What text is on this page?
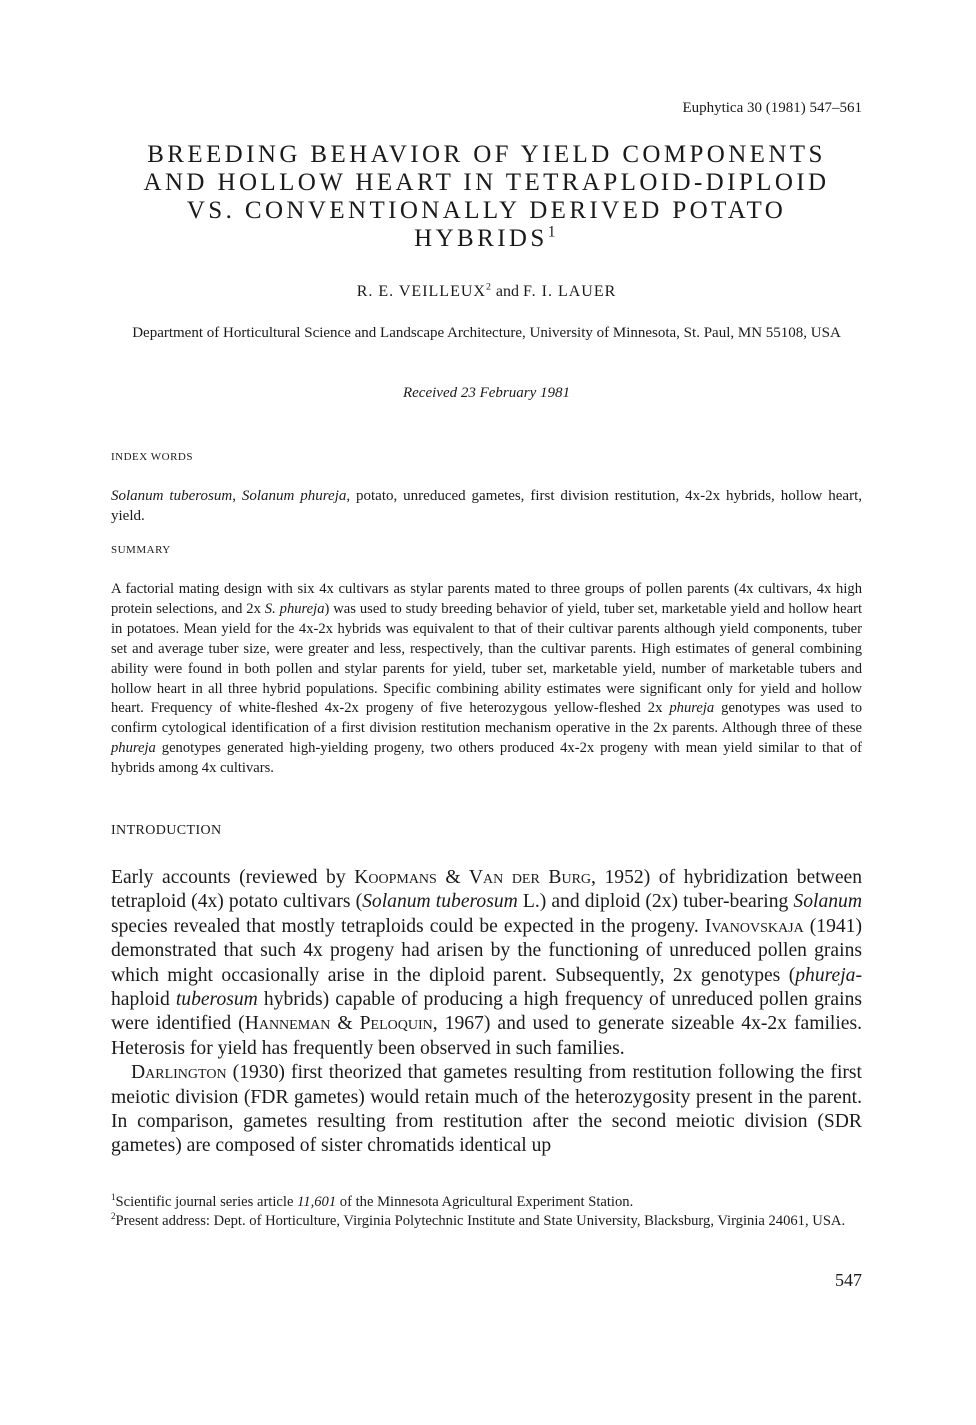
Euphytica 30 (1981) 547–561
BREEDING BEHAVIOR OF YIELD COMPONENTS
AND HOLLOW HEART IN TETRAPLOID-DIPLOID
VS. CONVENTIONALLY DERIVED POTATO
HYBRIDS$^1$
R. E. VEILLEUX$^2$ and F. I. LAUER
Department of Horticultural Science and Landscape Architecture, University of Minnesota, St. Paul, MN 55108, USA
Received 23 February 1981
INDEX WORDS
Solanum tuberosum, Solanum phureja, potato, unreduced gametes, first division restitution, 4x-2x hybrids, hollow heart, yield.
SUMMARY
A factorial mating design with six 4x cultivars as stylar parents mated to three groups of pollen parents (4x cultivars, 4x high protein selections, and 2x S. phureja) was used to study breeding behavior of yield, tuber set, marketable yield and hollow heart in potatoes. Mean yield for the 4x-2x hybrids was equivalent to that of their cultivar parents although yield components, tuber set and average tuber size, were greater and less, respectively, than the cultivar parents. High estimates of general combining ability were found in both pollen and stylar parents for yield, tuber set, marketable yield, number of marketable tubers and hollow heart in all three hybrid populations. Specific combining ability estimates were significant only for yield and hollow heart. Frequency of white-fleshed 4x-2x progeny of five heterozygous yellow-fleshed 2x phureja genotypes was used to confirm cytological identification of a first division restitution mechanism operative in the 2x parents. Although three of these phureja genotypes generated high-yielding progeny, two others produced 4x-2x progeny with mean yield similar to that of hybrids among 4x cultivars.
INTRODUCTION

Early accounts (reviewed by Koopmans & Van der Burg, 1952) of hybridization between tetraploid (4x) potato cultivars (Solanum tuberosum L.) and diploid (2x) tuber-bearing Solanum species revealed that mostly tetraploids could be expected in the progeny. Ivanovskaja (1941) demonstrated that such 4x progeny had arisen by the functioning of unreduced pollen grains which might occasionally arise in the diploid parent. Subsequently, 2x genotypes (phureja-haploid tuberosum hybrids) capable of producing a high frequency of unreduced pollen grains were identified (Hanneman & Peloquin, 1967) and used to generate sizeable 4x-2x families. Heterosis for yield has frequently been observed in such families.

Darlington (1930) first theorized that gametes resulting from restitution following the first meiotic division (FDR gametes) would retain much of the heterozygosity present in the parent. In comparison, gametes resulting from restitution after the second meiotic division (SDR gametes) are composed of sister chromatids identical up

$^1$Scientific journal series article 11,601 of the Minnesota Agricultural Experiment Station.
$^2$Present address: Dept. of Horticulture, Virginia Polytechnic Institute and State University, Blacksburg, Virginia 24061, USA.
547
